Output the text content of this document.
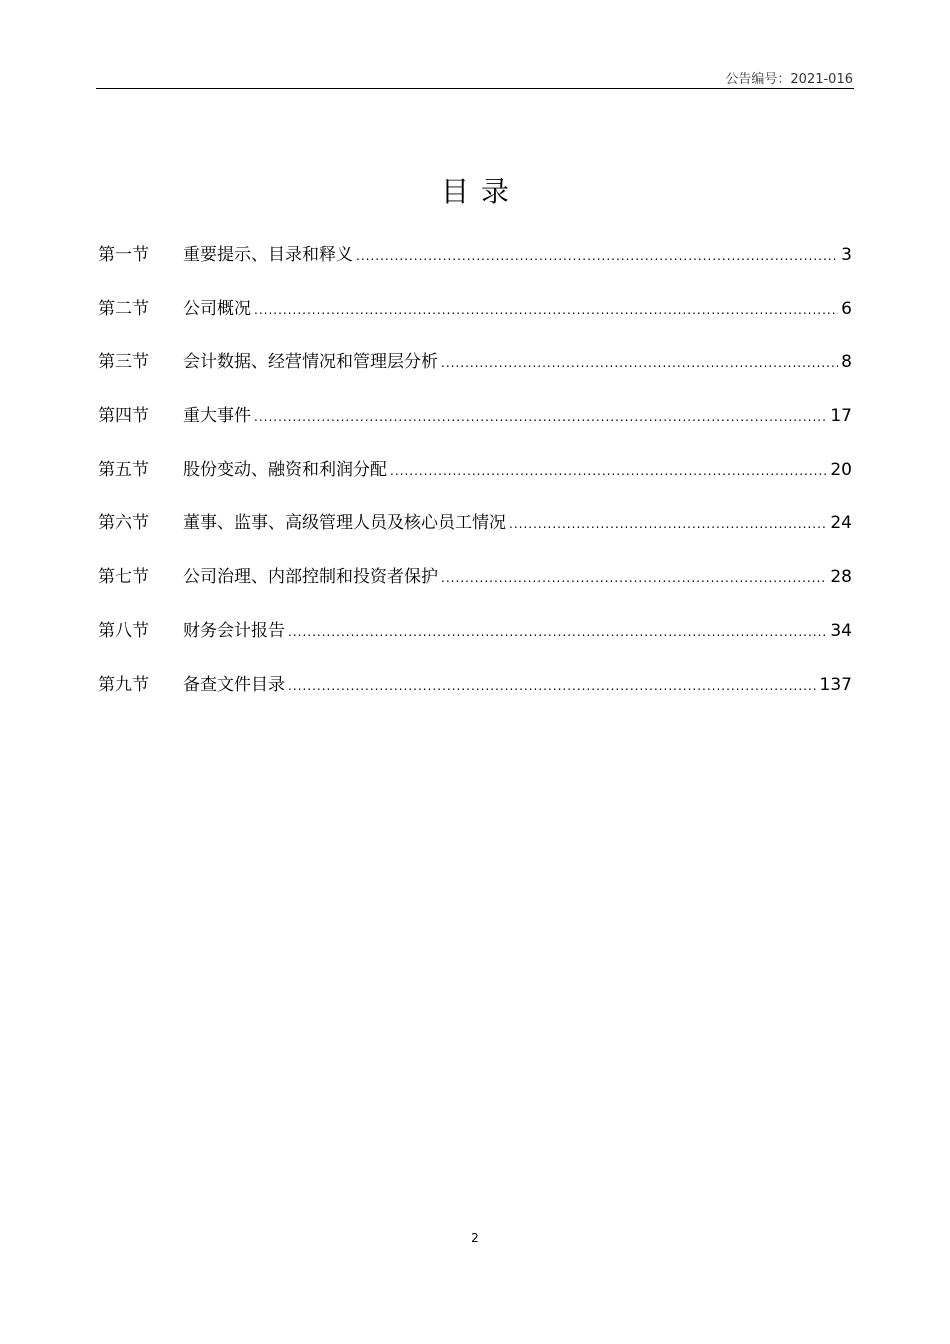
公告编号：2021-016
目录
第一节	重要提示、目录和释义 .....	3
第二节	公司概况 .....	6
第三节	会计数据、经营情况和管理层分析 .....	8
第四节	重大事件 .....	17
第五节	股份变动、融资和利润分配 .....	20
第六节	董事、监事、高级管理人员及核心员工情况 .....	24
第七节	公司治理、内部控制和投资者保护 .....	28
第八节	财务会计报告 .....	34
第九节	备查文件目录 .....	137
2
